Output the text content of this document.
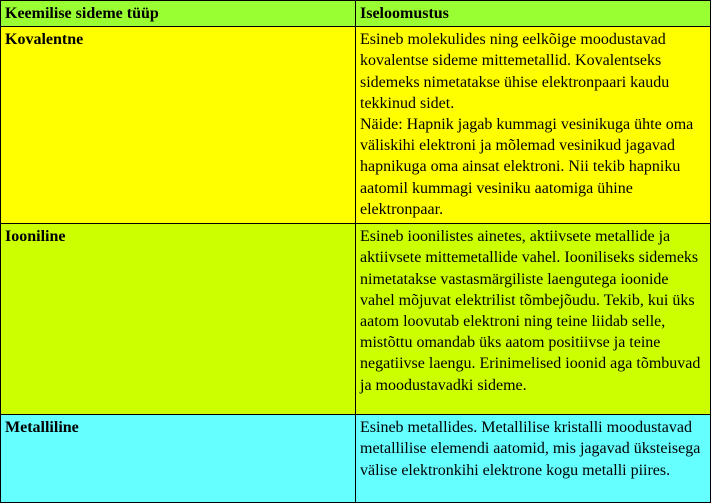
Keemilise sideme tüüp	Iseloomustus
Kovalentne	Esineb molekulides ning eelkõige moodustavad kovalentse sideme mittemetallid. Kovalentseks sidemeks nimetatakse ühise elektronpaari kaudu tekkinud sidet.
Näide: Hapnik jagab kummagi vesinikuga ühte oma väliskihi elektroni ja mõlemad vesinikud jagavad hapnikuga oma ainsat elektroni. Nii tekib hapniku aatomil kummagi vesiniku aatomiga ühine elektronpaar.

Iooniline	Esineb ioonilistes ainetes, aktiivsete metallide ja aktiivsete mittemetallide vahel. Iooniliseks sidemeks nimetatakse vastasmärgiliste laengutega ioonide vahel mõjuvat elektrilist tõmbejõudu. Tekib, kui üks aatom loovutab elektroni ning teine liidab selle, mistõttu omandab üks aatom positiivse ja teine negatiivse laengu. Erinimelised ioonid aga tõmbuvad ja moodustavadki sideme.

Metalliline	Esineb metallides. Metallilise kristalli moodustavad metallilise elemendi aatomid, mis jagavad üksteisega välise elektronkihi elektrone kogu metalli piires.
